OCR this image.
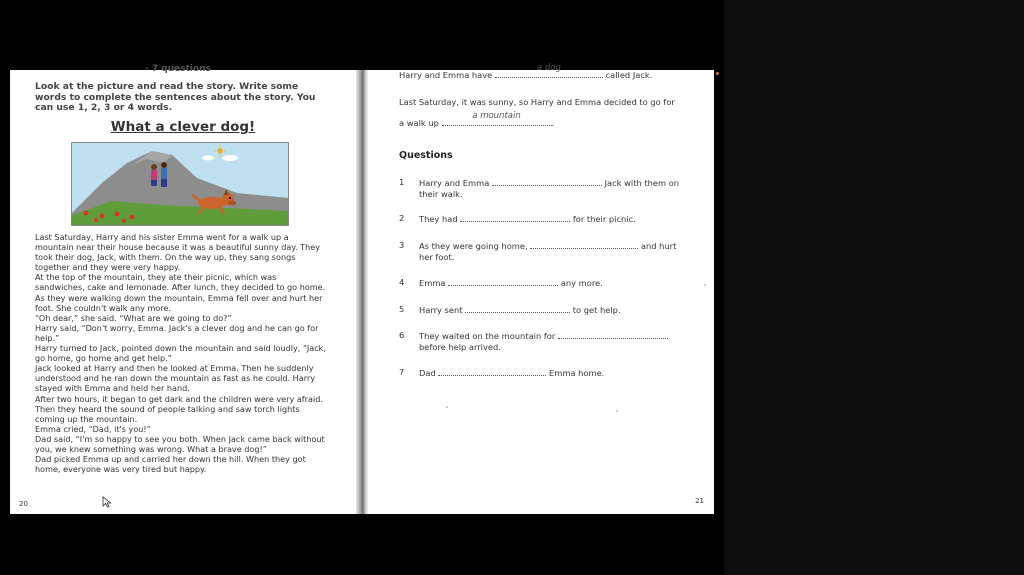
- 7 questions
Look at the picture and read the story. Write some words to complete the sentences about the story. You can use 1, 2, 3 or 4 words.
What a clever dog!

Last Saturday, Harry and his sister Emma went for a walk up a mountain near their house because it was a beautiful sunny day. They took their dog, Jack, with them. On the way up, they sang songs together and they were very happy.

At the top of the mountain, they ate their picnic, which was sandwiches, cake and lemonade. After lunch, they decided to go home. As they were walking down the mountain, Emma fell over and hurt her foot. She couldn't walk any more.

“Oh dear,” she said. “What are we going to do?”

Harry said, “Don't worry, Emma. Jack's a clever dog and he can go for help.”

Harry turned to Jack, pointed down the mountain and said loudly, “Jack, go home, go home and get help.”

Jack looked at Harry and then he looked at Emma. Then he suddenly understood and he ran down the mountain as fast as he could. Harry stayed with Emma and held her hand.

After two hours, it began to get dark and the children were very afraid. Then they heard the sound of people talking and saw torch lights coming up the mountain.

Emma cried, “Dad, it's you!”

Dad said, “I'm so happy to see you both. When Jack came back without you, we knew something was wrong. What a brave dog!”

Dad picked Emma up and carried her down the hill. When they got home, everyone was very tired but happy.

20
Harry and Emma have
a dog
called Jack.
Last Saturday, it was sunny, so Harry and Emma decided to go for
a walk up
a mountain
.
Questions
1 Harry and Emma	Jack with them on
their walk.
2 They had	for their picnic.
3 As they were going home,	and hurt
her foot.
4 Emma	any more.
5 Harry sent	to get help.
6 They waited on the mountain for
before help arrived.
7 Dad	Emma home.
21
